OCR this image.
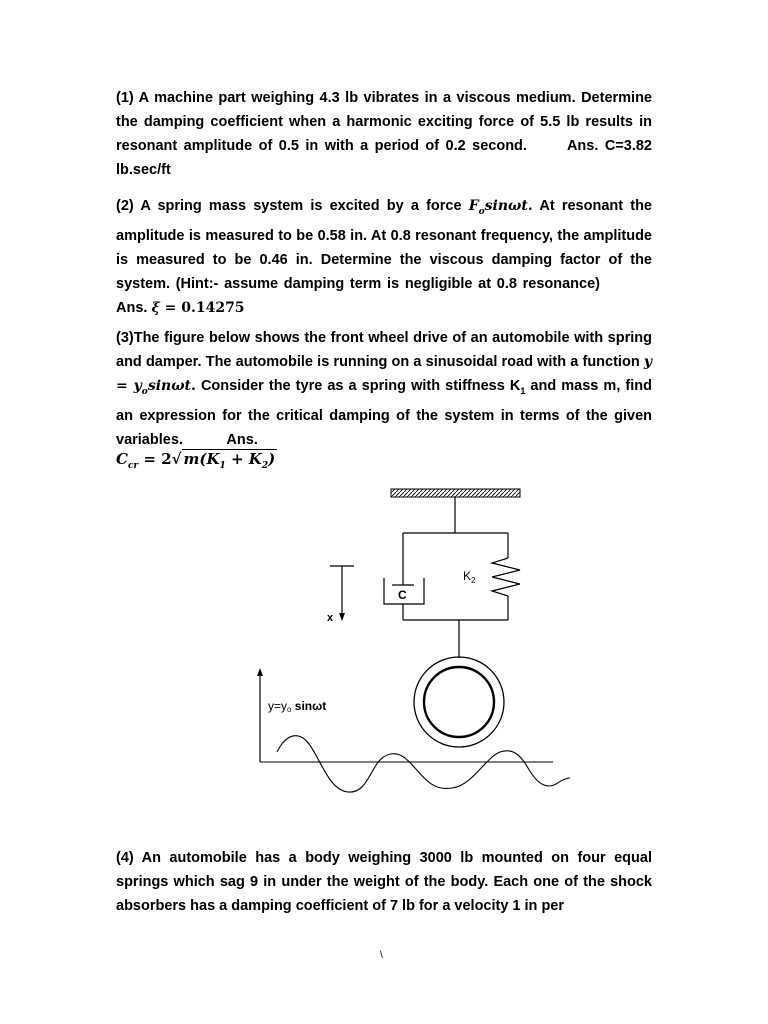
(1) A machine part weighing 4.3 lb vibrates in a viscous medium. Determine the damping coefficient when a harmonic exciting force of 5.5 lb results in resonant amplitude of 0.5 in with a period of 0.2 second.	Ans. C=3.82 lb.sec/ft

(2) A spring mass system is excited by a force $F_o\sin\omega t$. At resonant the amplitude is measured to be 0.58 in. At 0.8 resonant frequency, the amplitude is measured to be 0.46 in. Determine the viscous damping factor of the system. (Hint:- assume damping term is negligible at 0.8 resonance)Ans. ξ = 0.14275

(3)The figure below shows the front wheel drive of an automobile with spring and damper. The automobile is running on a sinusoidal road with a function $y = y_o\sin\omega t$. Consider the tyre as a spring with stiffness $K_1$ and mass m, find an expression for the critical damping of the system in terms of the given variables.	Ans.

$C_{cr} = 2√$ $m(K_1 + K_2)$
C
$K_2$
x
y=yo sinωt

(4) An automobile has a body weighing 3000 lb mounted on four equal springs which sag 9 in under the weight of the body. Each one of the shock absorbers has a damping coefficient of 7 lb for a velocity 1 in per

\
